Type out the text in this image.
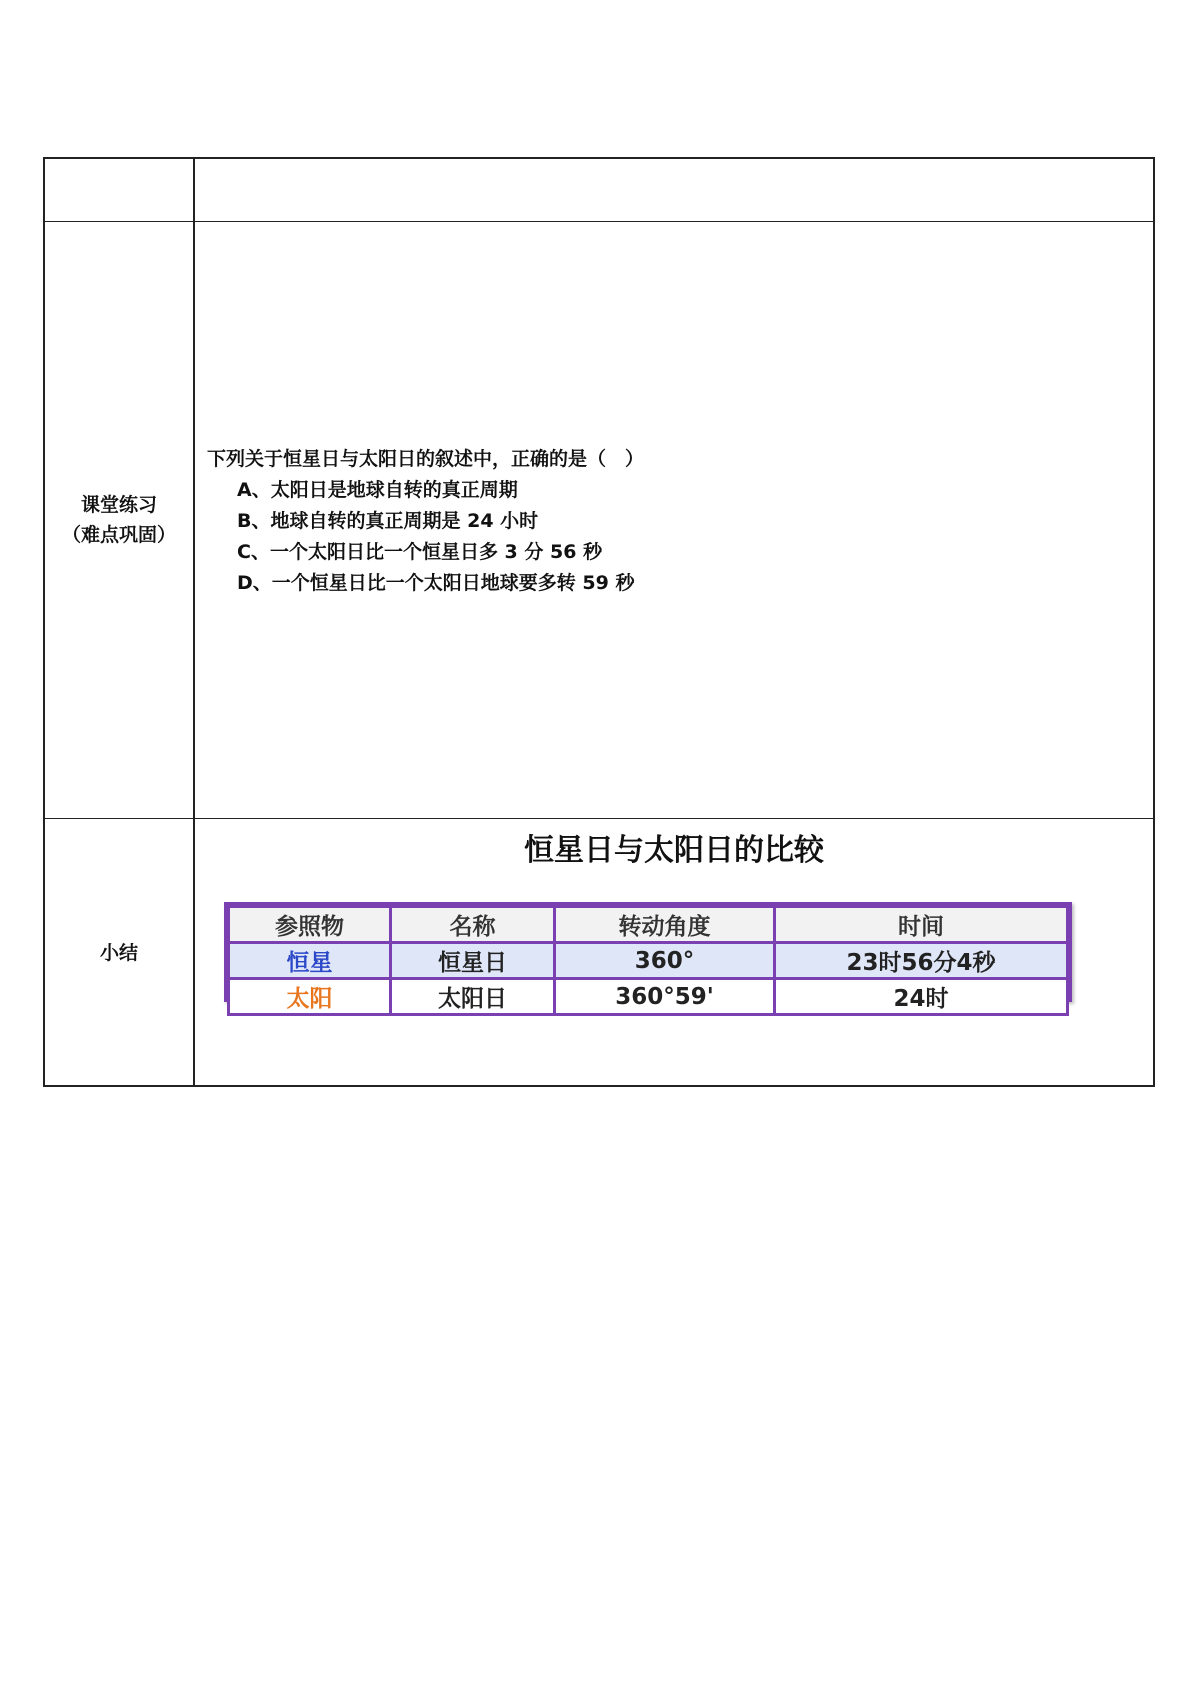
课堂练习
（难点巩固）
下列关于恒星日与太阳日的叙述中，正确的是（　）
A、太阳日是地球自转的真正周期
B、地球自转的真正周期是 24 小时
C、一个太阳日比一个恒星日多 3 分 56 秒
D、一个恒星日比一个太阳日地球要多转 59 秒
小结
恒星日与太阳日的比较
参照物	名称	转动角度	时间
恒星	恒星日	360°	23时56分4秒
太阳	太阳日	360°59'	24时
